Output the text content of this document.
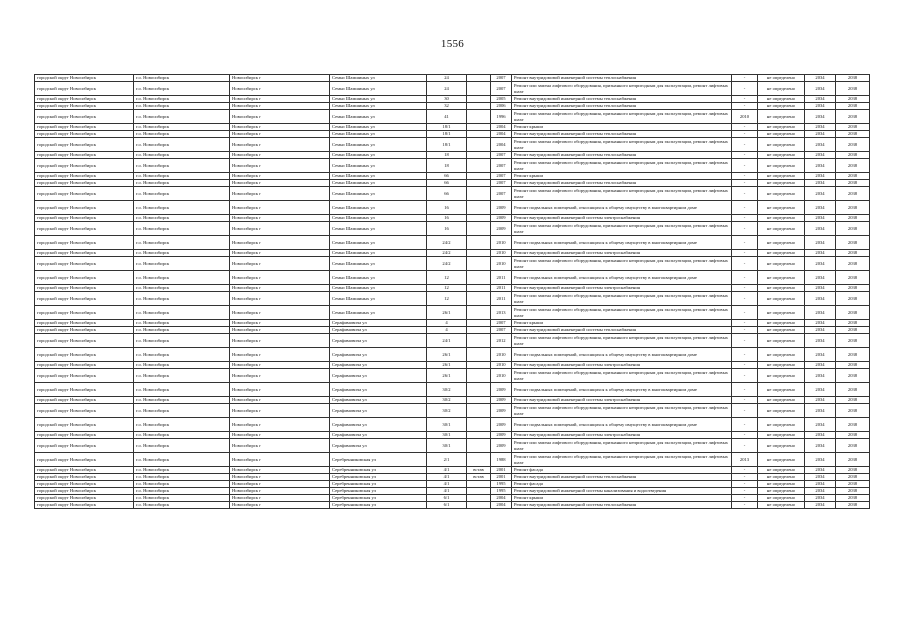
1556
городской округ Новосибирск	г.о. Новосибирск	Новосибирск г	Семьи Шамшиных ул	24		2007	Ремонт внутридомовой инженерной системы теплоснабжения	-	не определено	2034	2038
городской округ Новосибирск	г.о. Новосибирск	Новосибирск г	Семьи Шамшиных ул	24		2007	Ремонт или замена лифтового оборудования, признанного непригодным для эксплуатации, ремонт лифтовых шахт	-	не определено	2034	2038
городской округ Новосибирск	г.о. Новосибирск	Новосибирск г	Семьи Шамшиных ул	30		2005	Ремонт внутридомовой инженерной системы теплоснабжения	-	не определено	2034	2038
городской округ Новосибирск	г.о. Новосибирск	Новосибирск г	Семьи Шамшиных ул	32		2006	Ремонт внутридомовой инженерной системы теплоснабжения	-	не определено	2034	2038
городской округ Новосибирск	г.о. Новосибирск	Новосибирск г	Семьи Шамшиных ул	41		1996	Ремонт или замена лифтового оборудования, признанного непригодным для эксплуатации, ремонт лифтовых шахт	2010	не определено	2034	2038
городской округ Новосибирск	г.о. Новосибирск	Новосибирск г	Семьи Шамшиных ул	18/1		2004	Ремонт крыши	-	не определено	2034	2038
городской округ Новосибирск	г.о. Новосибирск	Новосибирск г	Семьи Шамшиных ул	18/1		2004	Ремонт внутридомовой инженерной системы теплоснабжения	-	не определено	2034	2038
городской округ Новосибирск	г.о. Новосибирск	Новосибирск г	Семьи Шамшиных ул	18/1		2004	Ремонт или замена лифтового оборудования, признанного непригодным для эксплуатации, ремонт лифтовых шахт	-	не определено	2034	2038
городской округ Новосибирск	г.о. Новосибирск	Новосибирск г	Семьи Шамшиных ул	18		2007	Ремонт внутридомовой инженерной системы теплоснабжения	-	не определено	2034	2038
городской округ Новосибирск	г.о. Новосибирск	Новосибирск г	Семьи Шамшиных ул	18		2007	Ремонт или замена лифтового оборудования, признанного непригодным для эксплуатации, ремонт лифтовых шахт	-	не определено	2034	2038
городской округ Новосибирск	г.о. Новосибирск	Новосибирск г	Семьи Шамшиных ул	66		2007	Ремонт крыши	-	не определено	2034	2038
городской округ Новосибирск	г.о. Новосибирск	Новосибирск г	Семьи Шамшиных ул	66		2007	Ремонт внутридомовой инженерной системы теплоснабжения	-	не определено	2034	2038
городской округ Новосибирск	г.о. Новосибирск	Новосибирск г	Семьи Шамшиных ул	66		2007	Ремонт или замена лифтового оборудования, признанного непригодным для эксплуатации, ремонт лифтовых шахт	-	не определено	2034	2038
городской округ Новосибирск	г.о. Новосибирск	Новосибирск г	Семьи Шамшиных ул	16		2009	Ремонт подвальных помещений, относящихся к общему имуществу в многоквартирном доме	-	не определено	2034	2038
городской округ Новосибирск	г.о. Новосибирск	Новосибирск г	Семьи Шамшиных ул	16		2009	Ремонт внутридомовой инженерной системы электроснабжения	-	не определено	2034	2038
городской округ Новосибирск	г.о. Новосибирск	Новосибирск г	Семьи Шамшиных ул	16		2009	Ремонт или замена лифтового оборудования, признанного непригодным для эксплуатации, ремонт лифтовых шахт	-	не определено	2034	2038
городской округ Новосибирск	г.о. Новосибирск	Новосибирск г	Семьи Шамшиных ул	24/2		2010	Ремонт подвальных помещений, относящихся к общему имуществу в многоквартирном доме	-	не определено	2034	2038
городской округ Новосибирск	г.о. Новосибирск	Новосибирск г	Семьи Шамшиных ул	24/2		2010	Ремонт внутридомовой инженерной системы электроснабжения	-	не определено	2034	2038
городской округ Новосибирск	г.о. Новосибирск	Новосибирск г	Семьи Шамшиных ул	24/2		2010	Ремонт или замена лифтового оборудования, признанного непригодным для эксплуатации, ремонт лифтовых шахт	-	не определено	2034	2038
городской округ Новосибирск	г.о. Новосибирск	Новосибирск г	Семьи Шамшиных ул	12		2011	Ремонт подвальных помещений, относящихся к общему имуществу в многоквартирном доме	-	не определено	2034	2038
городской округ Новосибирск	г.о. Новосибирск	Новосибирск г	Семьи Шамшиных ул	12		2011	Ремонт внутридомовой инженерной системы электроснабжения	-	не определено	2034	2038
городской округ Новосибирск	г.о. Новосибирск	Новосибирск г	Семьи Шамшиных ул	12		2011	Ремонт или замена лифтового оборудования, признанного непригодным для эксплуатации, ремонт лифтовых шахт	-	не определено	2034	2038
городской округ Новосибирск	г.о. Новосибирск	Новосибирск г	Семьи Шамшиных ул	26/1		2013	Ремонт или замена лифтового оборудования, признанного непригодным для эксплуатации, ремонт лифтовых шахт	-	не определено	2034	2038
городской округ Новосибирск	г.о. Новосибирск	Новосибирск г	Серафимовича ул	4		2007	Ремонт крыши	-	не определено	2034	2038
городской округ Новосибирск	г.о. Новосибирск	Новосибирск г	Серафимовича ул	4		2007	Ремонт внутридомовой инженерной системы теплоснабжения	-	не определено	2034	2038
городской округ Новосибирск	г.о. Новосибирск	Новосибирск г	Серафимовича ул	24/1		2012	Ремонт или замена лифтового оборудования, признанного непригодным для эксплуатации, ремонт лифтовых шахт	-	не определено	2034	2038
городской округ Новосибирск	г.о. Новосибирск	Новосибирск г	Серафимовича ул	26/1		2010	Ремонт подвальных помещений, относящихся к общему имуществу в многоквартирном доме	-	не определено	2034	2038
городской округ Новосибирск	г.о. Новосибирск	Новосибирск г	Серафимовича ул	26/1		2010	Ремонт внутридомовой инженерной системы электроснабжения	-	не определено	2034	2038
городской округ Новосибирск	г.о. Новосибирск	Новосибирск г	Серафимовича ул	26/1		2010	Ремонт или замена лифтового оборудования, признанного непригодным для эксплуатации, ремонт лифтовых шахт	-	не определено	2034	2038
городской округ Новосибирск	г.о. Новосибирск	Новосибирск г	Серафимовича ул	30/2		2009	Ремонт подвальных помещений, относящихся к общему имуществу в многоквартирном доме	-	не определено	2034	2038
городской округ Новосибирск	г.о. Новосибирск	Новосибирск г	Серафимовича ул	30/2		2009	Ремонт внутридомовой инженерной системы электроснабжения	-	не определено	2034	2038
городской округ Новосибирск	г.о. Новосибирск	Новосибирск г	Серафимовича ул	30/2		2009	Ремонт или замена лифтового оборудования, признанного непригодным для эксплуатации, ремонт лифтовых шахт	-	не определено	2034	2038
городской округ Новосибирск	г.о. Новосибирск	Новосибирск г	Серафимовича ул	30/1		2009	Ремонт подвальных помещений, относящихся к общему имуществу в многоквартирном доме	-	не определено	2034	2038
городской округ Новосибирск	г.о. Новосибирск	Новосибирск г	Серафимовича ул	30/1		2009	Ремонт внутридомовой инженерной системы электроснабжения	-	не определено	2034	2038
городской округ Новосибирск	г.о. Новосибирск	Новосибирск г	Серафимовича ул	30/1		2009	Ремонт или замена лифтового оборудования, признанного непригодным для эксплуатации, ремонт лифтовых шахт	-	не определено	2034	2038
городской округ Новосибирск	г.о. Новосибирск	Новосибирск г	Серебренниковская ул	2/1		1988	Ремонт или замена лифтового оборудования, признанного непригодным для эксплуатации, ремонт лифтовых шахт	2013	не определено	2034	2038
городской округ Новосибирск	г.о. Новосибирск	Новосибирск г	Серебренниковская ул	4/1	встав	2001	Ремонт фасада	-	не определено	2034	2038
городской округ Новосибирск	г.о. Новосибирск	Новосибирск г	Серебренниковская ул	4/1	встав	2001	Ремонт внутридомовой инженерной системы теплоснабжения	-	не определено	2034	2038
городской округ Новосибирск	г.о. Новосибирск	Новосибирск г	Серебренниковская ул	4/1		1995	Ремонт фасада	-	не определено	2034	2038
городской округ Новосибирск	г.о. Новосибирск	Новосибирск г	Серебренниковская ул	4/1		1995	Ремонт внутридомовой инженерной системы канализования и водоотведения	-	не определено	2034	2038
городской округ Новосибирск	г.о. Новосибирск	Новосибирск г	Серебренниковская ул	6/1		2004	Ремонт крыши	-	не определено	2034	2038
городской округ Новосибирск	г.о. Новосибирск	Новосибирск г	Серебренниковская ул	6/1		2004	Ремонт внутридомовой инженерной системы теплоснабжения	-	не определено	2034	2038
